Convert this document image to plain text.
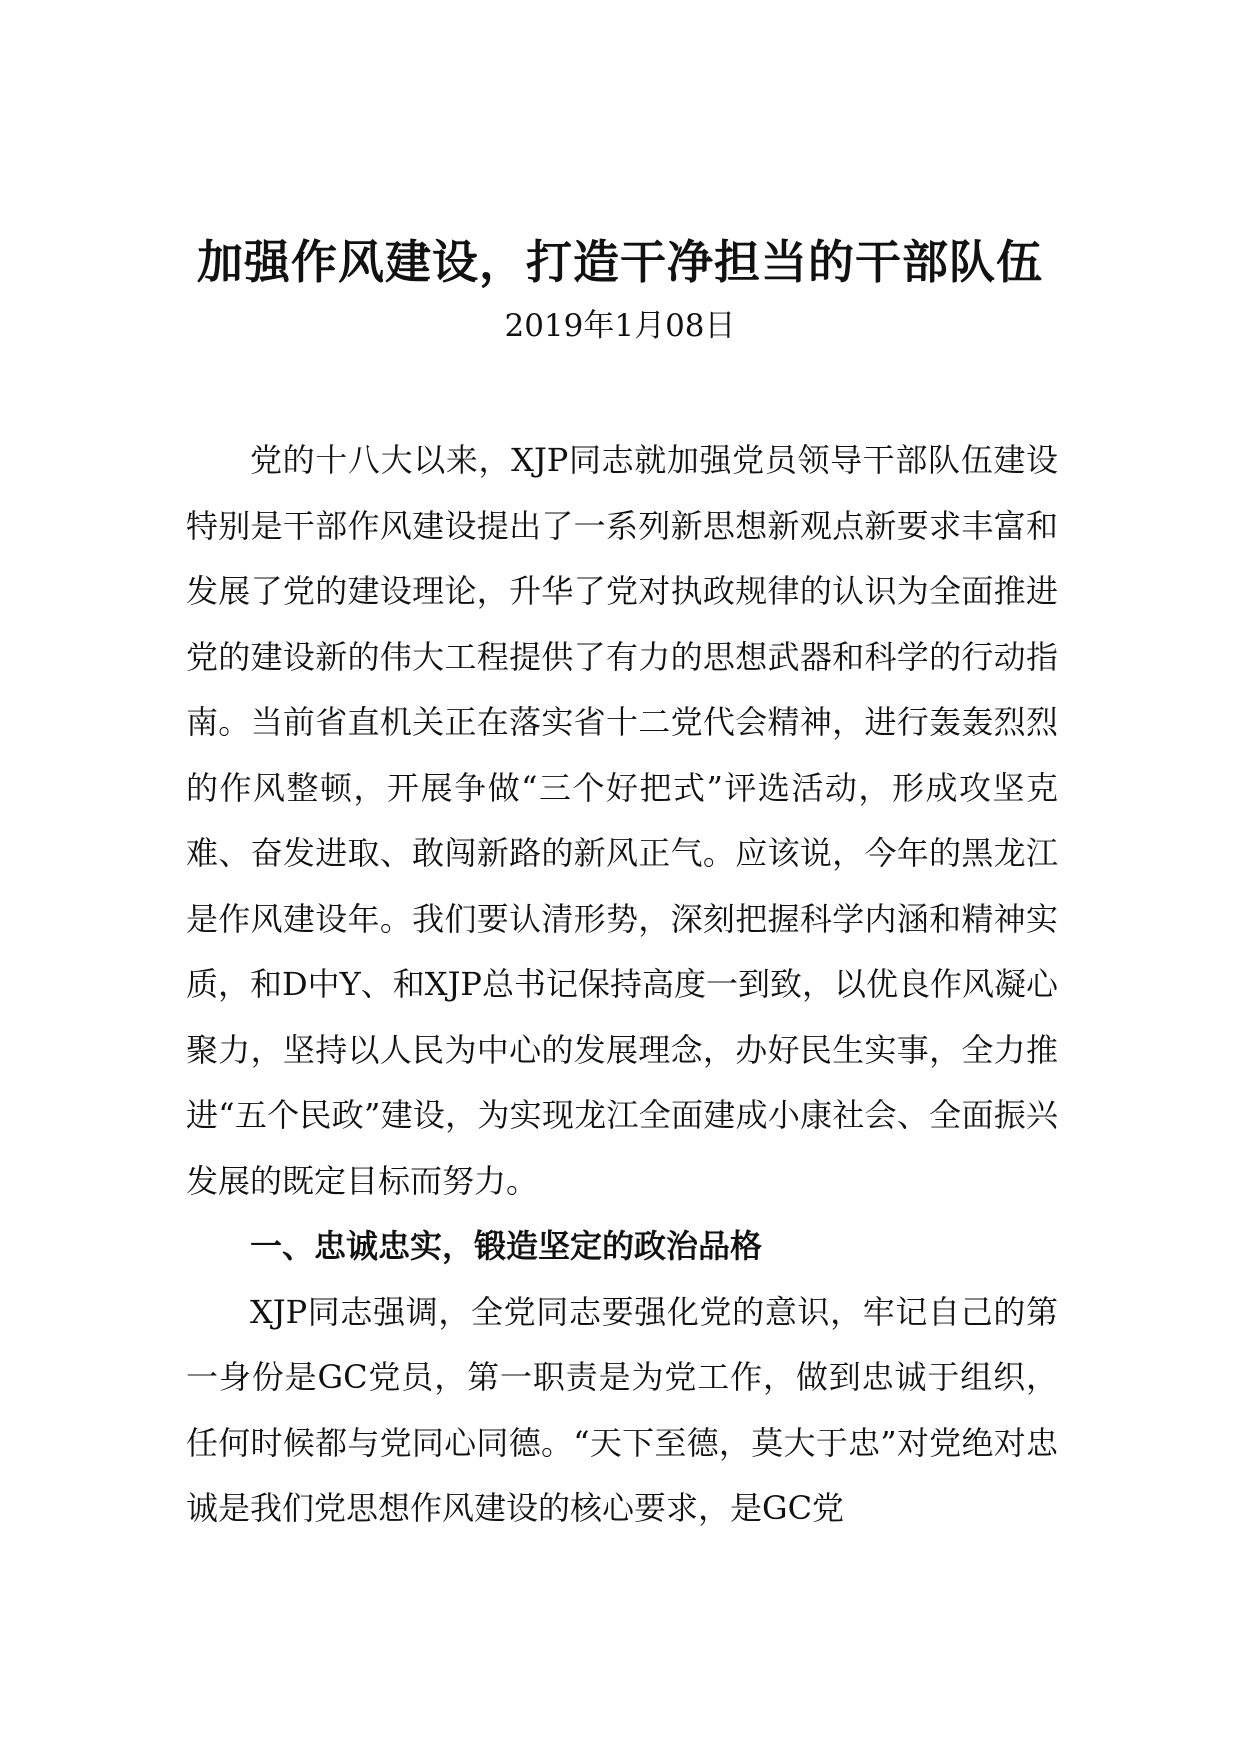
加强作风建设，打造干净担当的干部队伍
2019年1月08日

党的十八大以来，XJP同志就加强党员领导干部队伍建设特别是干部作风建设提出了一系列新思想新观点新要求丰富和发展了党的建设理论，升华了党对执政规律的认识为全面推进党的建设新的伟大工程提供了有力的思想武器和科学的行动指南。当前省直机关正在落实省十二党代会精神，进行轰轰烈烈的作风整顿，开展争做“三个好把式”评选活动，形成攻坚克难、奋发进取、敢闯新路的新风正气。应该说，今年的黑龙江是作风建设年。我们要认清形势，深刻把握科学内涵和精神实质，和D中Y、和XJP总书记保持高度一到致，以优良作风凝心聚力，坚持以人民为中心的发展理念，办好民生实事，全力推进“五个民政”建设，为实现龙江全面建成小康社会、全面振兴发展的既定目标而努力。

一、忠诚忠实，锻造坚定的政治品格

XJP同志强调，全党同志要强化党的意识，牢记自己的第一身份是GC党员，第一职责是为党工作，做到忠诚于组织，任何时候都与党同心同德。“天下至德，莫大于忠”对党绝对忠诚是我们党思想作风建设的核心要求，是GC党
